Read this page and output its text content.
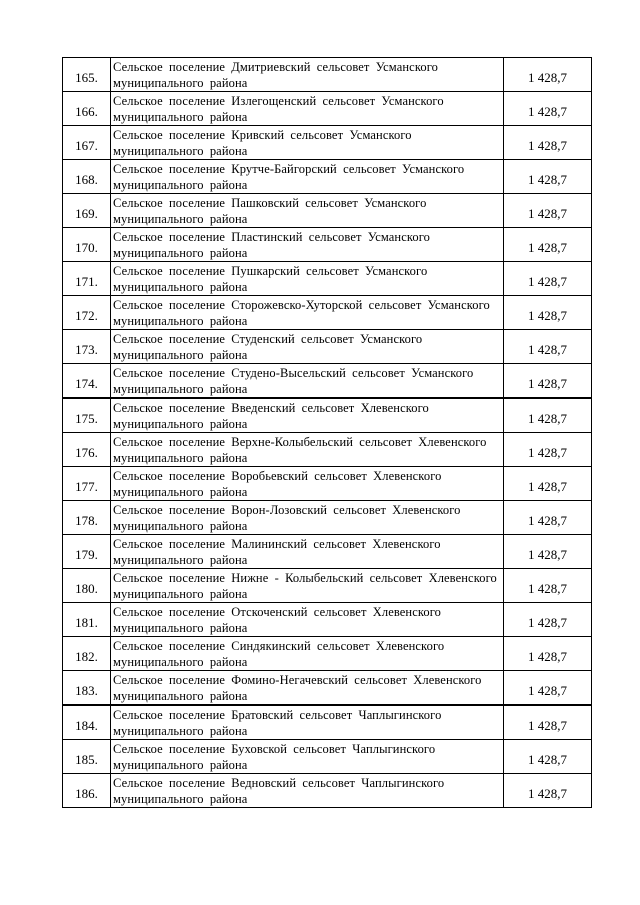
165.	Сельское поселение Дмитриевский сельсовет Усманского муниципального района	1 428,7
166.	Сельское поселение Излегощенский сельсовет Усманского муниципального района	1 428,7
167.	Сельское поселение Кривский сельсовет Усманского муниципального района	1 428,7
168.	Сельское поселение Крутче-Байгорский сельсовет Усманского муниципального района	1 428,7
169.	Сельское поселение Пашковский сельсовет Усманского муниципального района	1 428,7
170.	Сельское поселение Пластинский сельсовет Усманского муниципального района	1 428,7
171.	Сельское поселение Пушкарский сельсовет Усманского муниципального района	1 428,7
172.	Сельское поселение Сторожевско-Хуторской сельсовет Усманского муниципального района	1 428,7
173.	Сельское поселение Студенский сельсовет Усманского муниципального района	1 428,7
174.	Сельское поселение Студено-Высельский сельсовет Усманского муниципального района	1 428,7
175.	Сельское поселение Введенский сельсовет Хлевенского муниципального района	1 428,7
176.	Сельское поселение Верхне-Колыбельский сельсовет Хлевенского муниципального района	1 428,7
177.	Сельское поселение Воробьевский сельсовет Хлевенского муниципального района	1 428,7
178.	Сельское поселение Ворон-Лозовский сельсовет Хлевенского муниципального района	1 428,7
179.	Сельское поселение Малининский сельсовет Хлевенского муниципального района	1 428,7
180.	Сельское поселение Нижне - Колыбельский сельсовет Хлевенского муниципального района	1 428,7
181.	Сельское поселение Отскоченский сельсовет Хлевенского муниципального района	1 428,7
182.	Сельское поселение Синдякинский сельсовет Хлевенского муниципального района	1 428,7
183.	Сельское поселение Фомино-Негачевский сельсовет Хлевенского муниципального района	1 428,7
184.	Сельское поселение Братовский сельсовет Чаплыгинского муниципального района	1 428,7
185.	Сельское поселение Буховской сельсовет Чаплыгинского муниципального района	1 428,7
186.	Сельское поселение Ведновский сельсовет Чаплыгинского муниципального района	1 428,7
